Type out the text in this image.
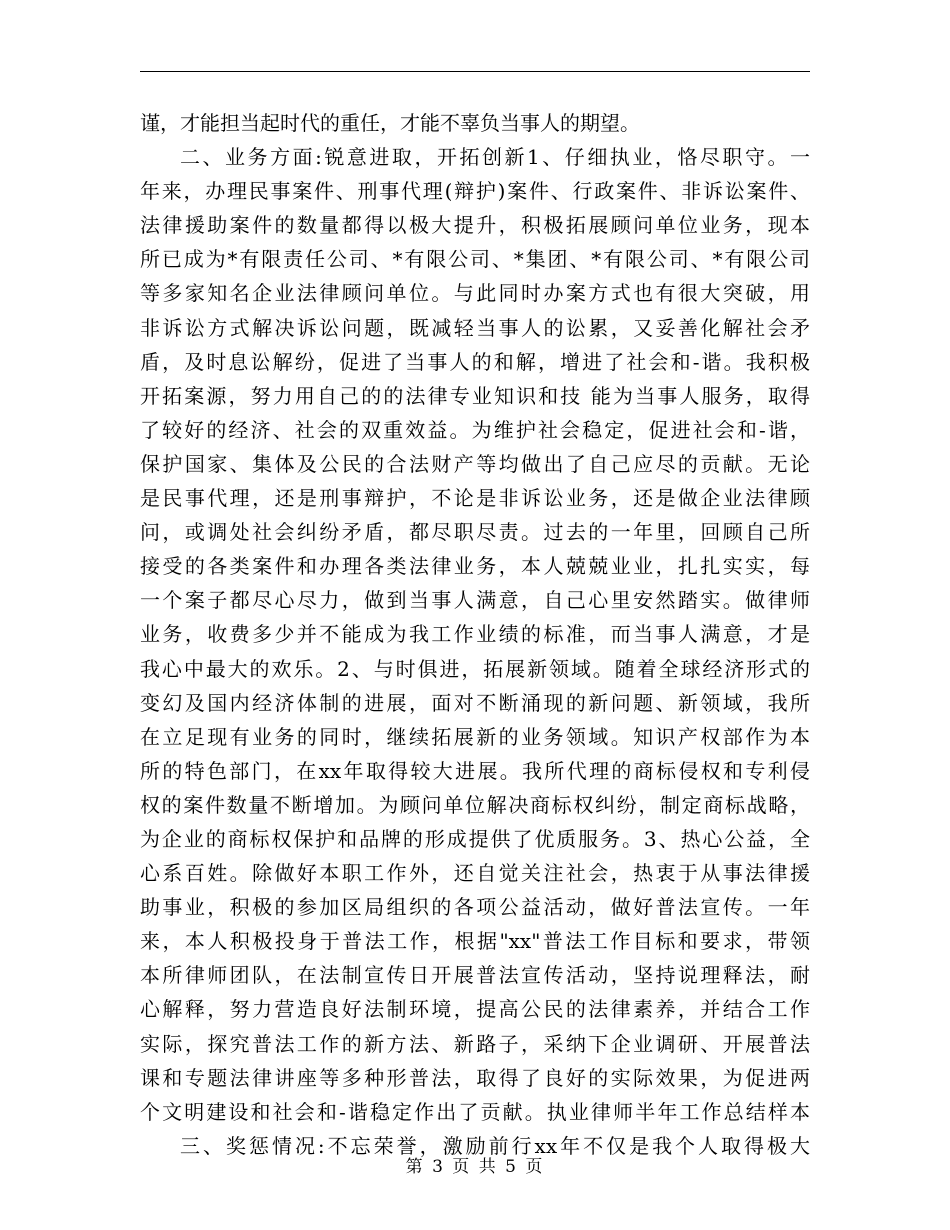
谨，才能担当起时代的重任，才能不辜负当事人的期望。
二、业务方面:锐意进取，开拓创新1、仔细执业，恪尽职守。一
年来，办理民事案件、刑事代理(辩护)案件、行政案件、非诉讼案件、
法律援助案件的数量都得以极大提升，积极拓展顾问单位业务，现本
所已成为*有限责任公司、*有限公司、*集团、*有限公司、*有限公司
等多家知名企业法律顾问单位。与此同时办案方式也有很大突破，用
非诉讼方式解决诉讼问题，既减轻当事人的讼累，又妥善化解社会矛
盾，及时息讼解纷，促进了当事人的和解，增进了社会和-谐。我积极
开拓案源，努力用自己的的法律专业知识和技 能为当事人服务，取得
了较好的经济、社会的双重效益。为维护社会稳定，促进社会和-谐，
保护国家、集体及公民的合法财产等均做出了自己应尽的贡献。无论
是民事代理，还是刑事辩护，不论是非诉讼业务，还是做企业法律顾
问，或调处社会纠纷矛盾，都尽职尽责。过去的一年里，回顾自己所
接受的各类案件和办理各类法律业务，本人兢兢业业，扎扎实实，每
一个案子都尽心尽力，做到当事人满意，自己心里安然踏实。做律师
业务，收费多少并不能成为我工作业绩的标准，而当事人满意，才是
我心中最大的欢乐。2、与时俱进，拓展新领域。随着全球经济形式的
变幻及国内经济体制的进展，面对不断涌现的新问题、新领域，我所
在立足现有业务的同时，继续拓展新的业务领域。知识产权部作为本
所的特色部门，在xx年取得较大进展。我所代理的商标侵权和专利侵
权的案件数量不断增加。为顾问单位解决商标权纠纷，制定商标战略，
为企业的商标权保护和品牌的形成提供了优质服务。3、热心公益，全
心系百姓。除做好本职工作外，还自觉关注社会，热衷于从事法律援
助事业，积极的参加区局组织的各项公益活动，做好普法宣传。一年
来，本人积极投身于普法工作，根据"xx"普法工作目标和要求，带领
本所律师团队，在法制宣传日开展普法宣传活动，坚持说理释法，耐
心解释，努力营造良好法制环境，提高公民的法律素养，并结合工作
实际，探究普法工作的新方法、新路子，采纳下企业调研、开展普法
课和专题法律讲座等多种形普法，取得了良好的实际效果，为促进两
个文明建设和社会和-谐稳定作出了贡献。执业律师半年工作总结样本
三、奖惩情况:不忘荣誉，激励前行xx年不仅是我个人取得极大
第 3 页 共 5 页
